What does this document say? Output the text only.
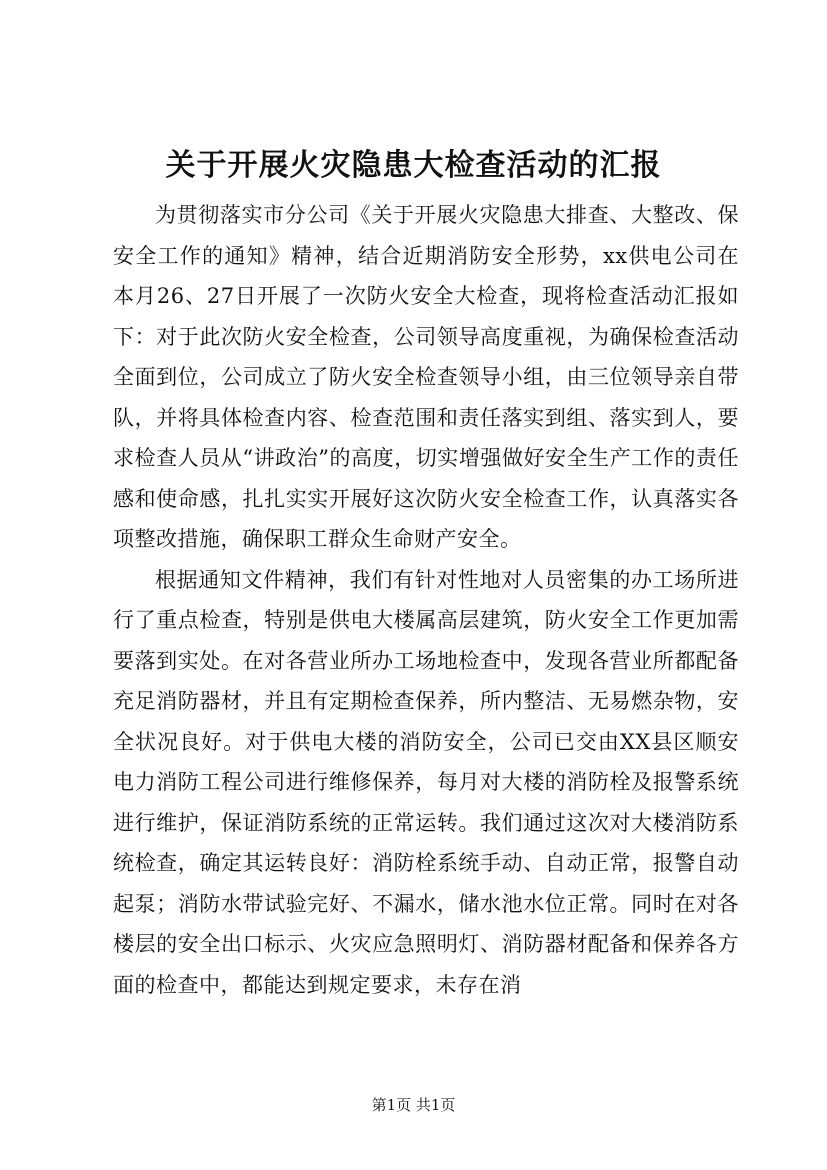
关于开展火灾隐患大检查活动的汇报

为贯彻落实市分公司《关于开展火灾隐患大排查、大整改、保安全工作的通知》精神，结合近期消防安全形势，xx供电公司在本月26、27日开展了一次防火安全大检查，现将检查活动汇报如下：对于此次防火安全检查，公司领导高度重视，为确保检查活动全面到位，公司成立了防火安全检查领导小组，由三位领导亲自带队，并将具体检查内容、检查范围和责任落实到组、落实到人，要求检查人员从“讲政治”的高度，切实增强做好安全生产工作的责任感和使命感，扎扎实实开展好这次防火安全检查工作，认真落实各项整改措施，确保职工群众生命财产安全。

根据通知文件精神，我们有针对性地对人员密集的办工场所进行了重点检查，特别是供电大楼属高层建筑，防火安全工作更加需要落到实处。在对各营业所办工场地检查中，发现各营业所都配备充足消防器材，并且有定期检查保养，所内整洁、无易燃杂物，安全状况良好。对于供电大楼的消防安全，公司已交由XX县区顺安电力消防工程公司进行维修保养，每月对大楼的消防栓及报警系统进行维护，保证消防系统的正常运转。我们通过这次对大楼消防系统检查，确定其运转良好：消防栓系统手动、自动正常，报警自动起泵；消防水带试验完好、不漏水，储水池水位正常。同时在对各楼层的安全出口标示、火灾应急照明灯、消防器材配备和保养各方面的检查中，都能达到规定要求，未存在消

第1页 共1页
